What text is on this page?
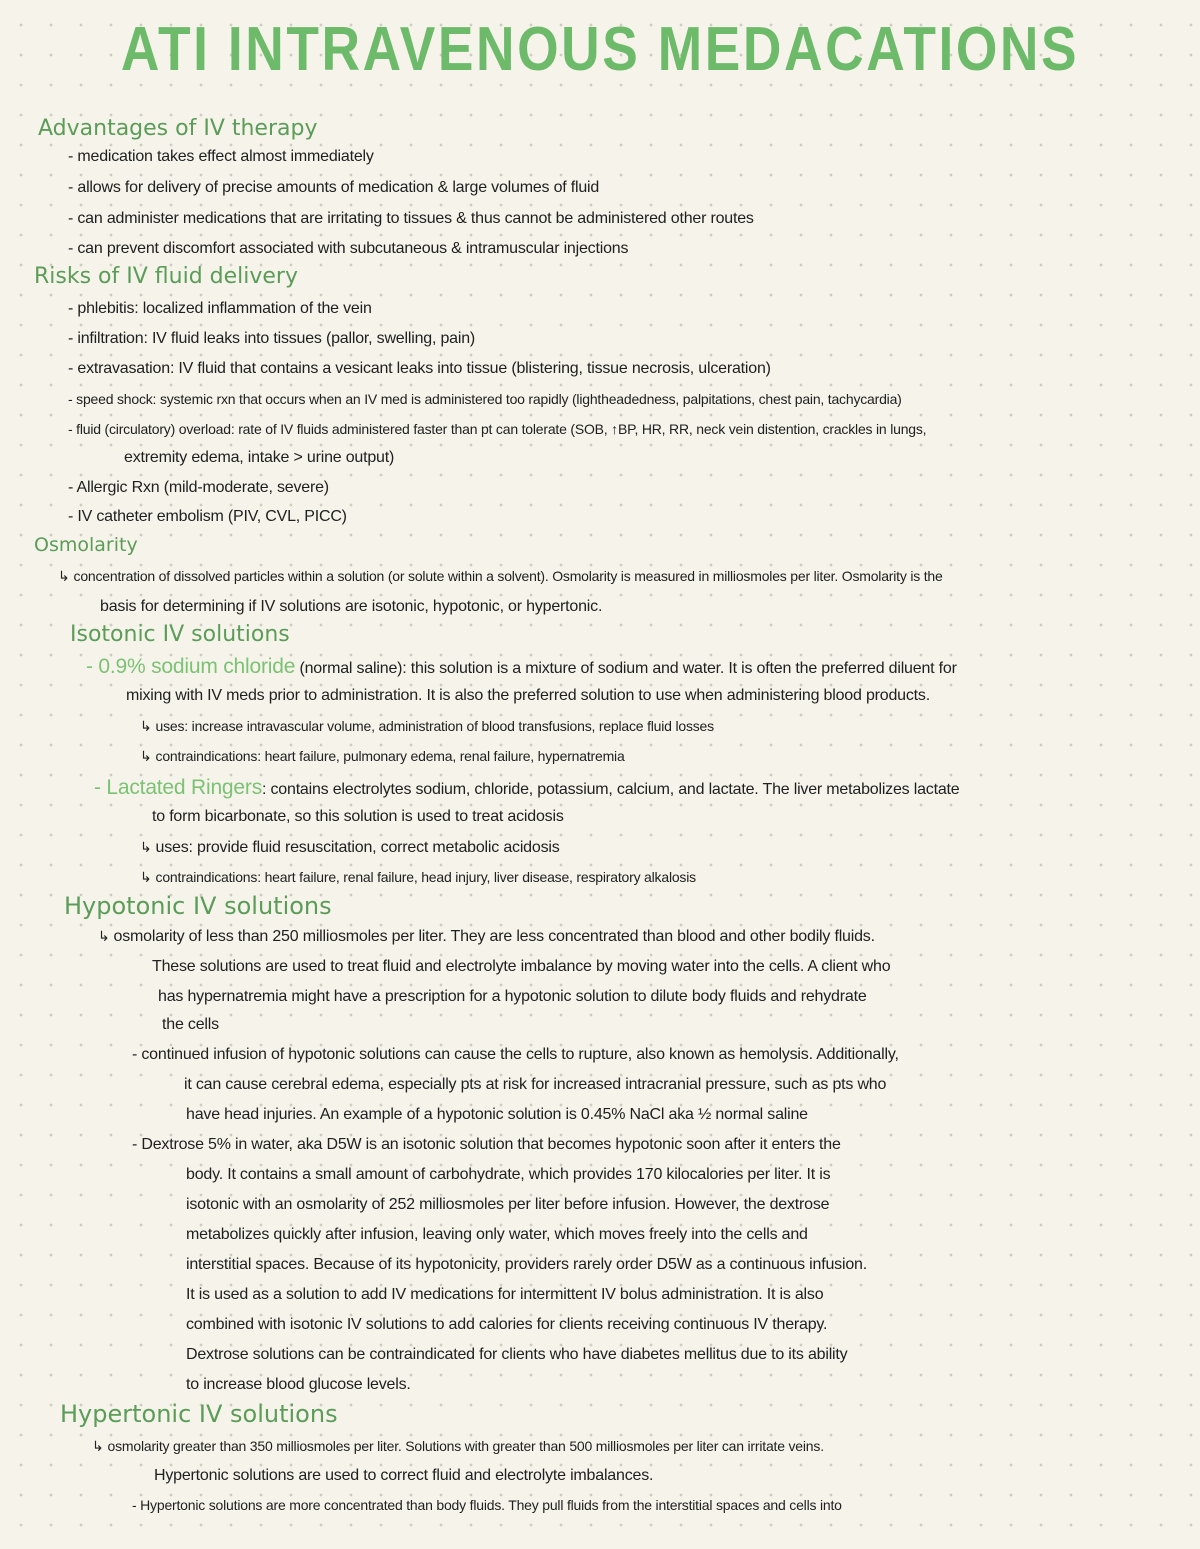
ATI INTRAVENOUS MEDACATIONS
Advantages of IV therapy
- medication takes effect almost immediately
- allows for delivery of precise amounts of medication & large volumes of fluid
- can administer medications that are irritating to tissues & thus cannot be administered other routes
- can prevent discomfort associated with subcutaneous & intramuscular injections
Risks of IV fluid delivery
- phlebitis: localized inflammation of the vein
- infiltration: IV fluid leaks into tissues (pallor, swelling, pain)
- extravasation: IV fluid that contains a vesicant leaks into tissue (blistering, tissue necrosis, ulceration)
- speed shock: systemic rxn that occurs when an IV med is administered too rapidly (lightheadedness, palpitations, chest pain, tachycardia)
- fluid (circulatory) overload: rate of IV fluids administered faster than pt can tolerate (SOB, ↑BP, HR, RR, neck vein distention, crackles in lungs,
extremity edema, intake > urine output)
- Allergic Rxn (mild-moderate, severe)
- IV catheter embolism (PIV, CVL, PICC)
Osmolarity
↳ concentration of dissolved particles within a solution (or solute within a solvent). Osmolarity is measured in milliosmoles per liter. Osmolarity is the
basis for determining if IV solutions are isotonic, hypotonic, or hypertonic.
Isotonic IV solutions
- 0.9% sodium chloride (normal saline): this solution is a mixture of sodium and water. It is often the preferred diluent for
mixing with IV meds prior to administration. It is also the preferred solution to use when administering blood products.
↳ uses: increase intravascular volume, administration of blood transfusions, replace fluid losses
↳ contraindications: heart failure, pulmonary edema, renal failure, hypernatremia
- Lactated Ringers: contains electrolytes sodium, chloride, potassium, calcium, and lactate. The liver metabolizes lactate
to form bicarbonate, so this solution is used to treat acidosis
↳ uses: provide fluid resuscitation, correct metabolic acidosis
↳ contraindications: heart failure, renal failure, head injury, liver disease, respiratory alkalosis
Hypotonic IV solutions
↳ osmolarity of less than 250 milliosmoles per liter. They are less concentrated than blood and other bodily fluids.
These solutions are used to treat fluid and electrolyte imbalance by moving water into the cells. A client who
has hypernatremia might have a prescription for a hypotonic solution to dilute body fluids and rehydrate
the cells
- continued infusion of hypotonic solutions can cause the cells to rupture, also known as hemolysis. Additionally,
it can cause cerebral edema, especially pts at risk for increased intracranial pressure, such as pts who
have head injuries. An example of a hypotonic solution is 0.45% NaCl aka ½ normal saline
- Dextrose 5% in water, aka D5W is an isotonic solution that becomes hypotonic soon after it enters the
body. It contains a small amount of carbohydrate, which provides 170 kilocalories per liter. It is
isotonic with an osmolarity of 252 milliosmoles per liter before infusion. However, the dextrose
metabolizes quickly after infusion, leaving only water, which moves freely into the cells and
interstitial spaces. Because of its hypotonicity, providers rarely order D5W as a continuous infusion.
It is used as a solution to add IV medications for intermittent IV bolus administration. It is also
combined with isotonic IV solutions to add calories for clients receiving continuous IV therapy.
Dextrose solutions can be contraindicated for clients who have diabetes mellitus due to its ability
to increase blood glucose levels.
Hypertonic IV solutions
↳ osmolarity greater than 350 milliosmoles per liter. Solutions with greater than 500 milliosmoles per liter can irritate veins.
Hypertonic solutions are used to correct fluid and electrolyte imbalances.
- Hypertonic solutions are more concentrated than body fluids. They pull fluids from the interstitial spaces and cells into
